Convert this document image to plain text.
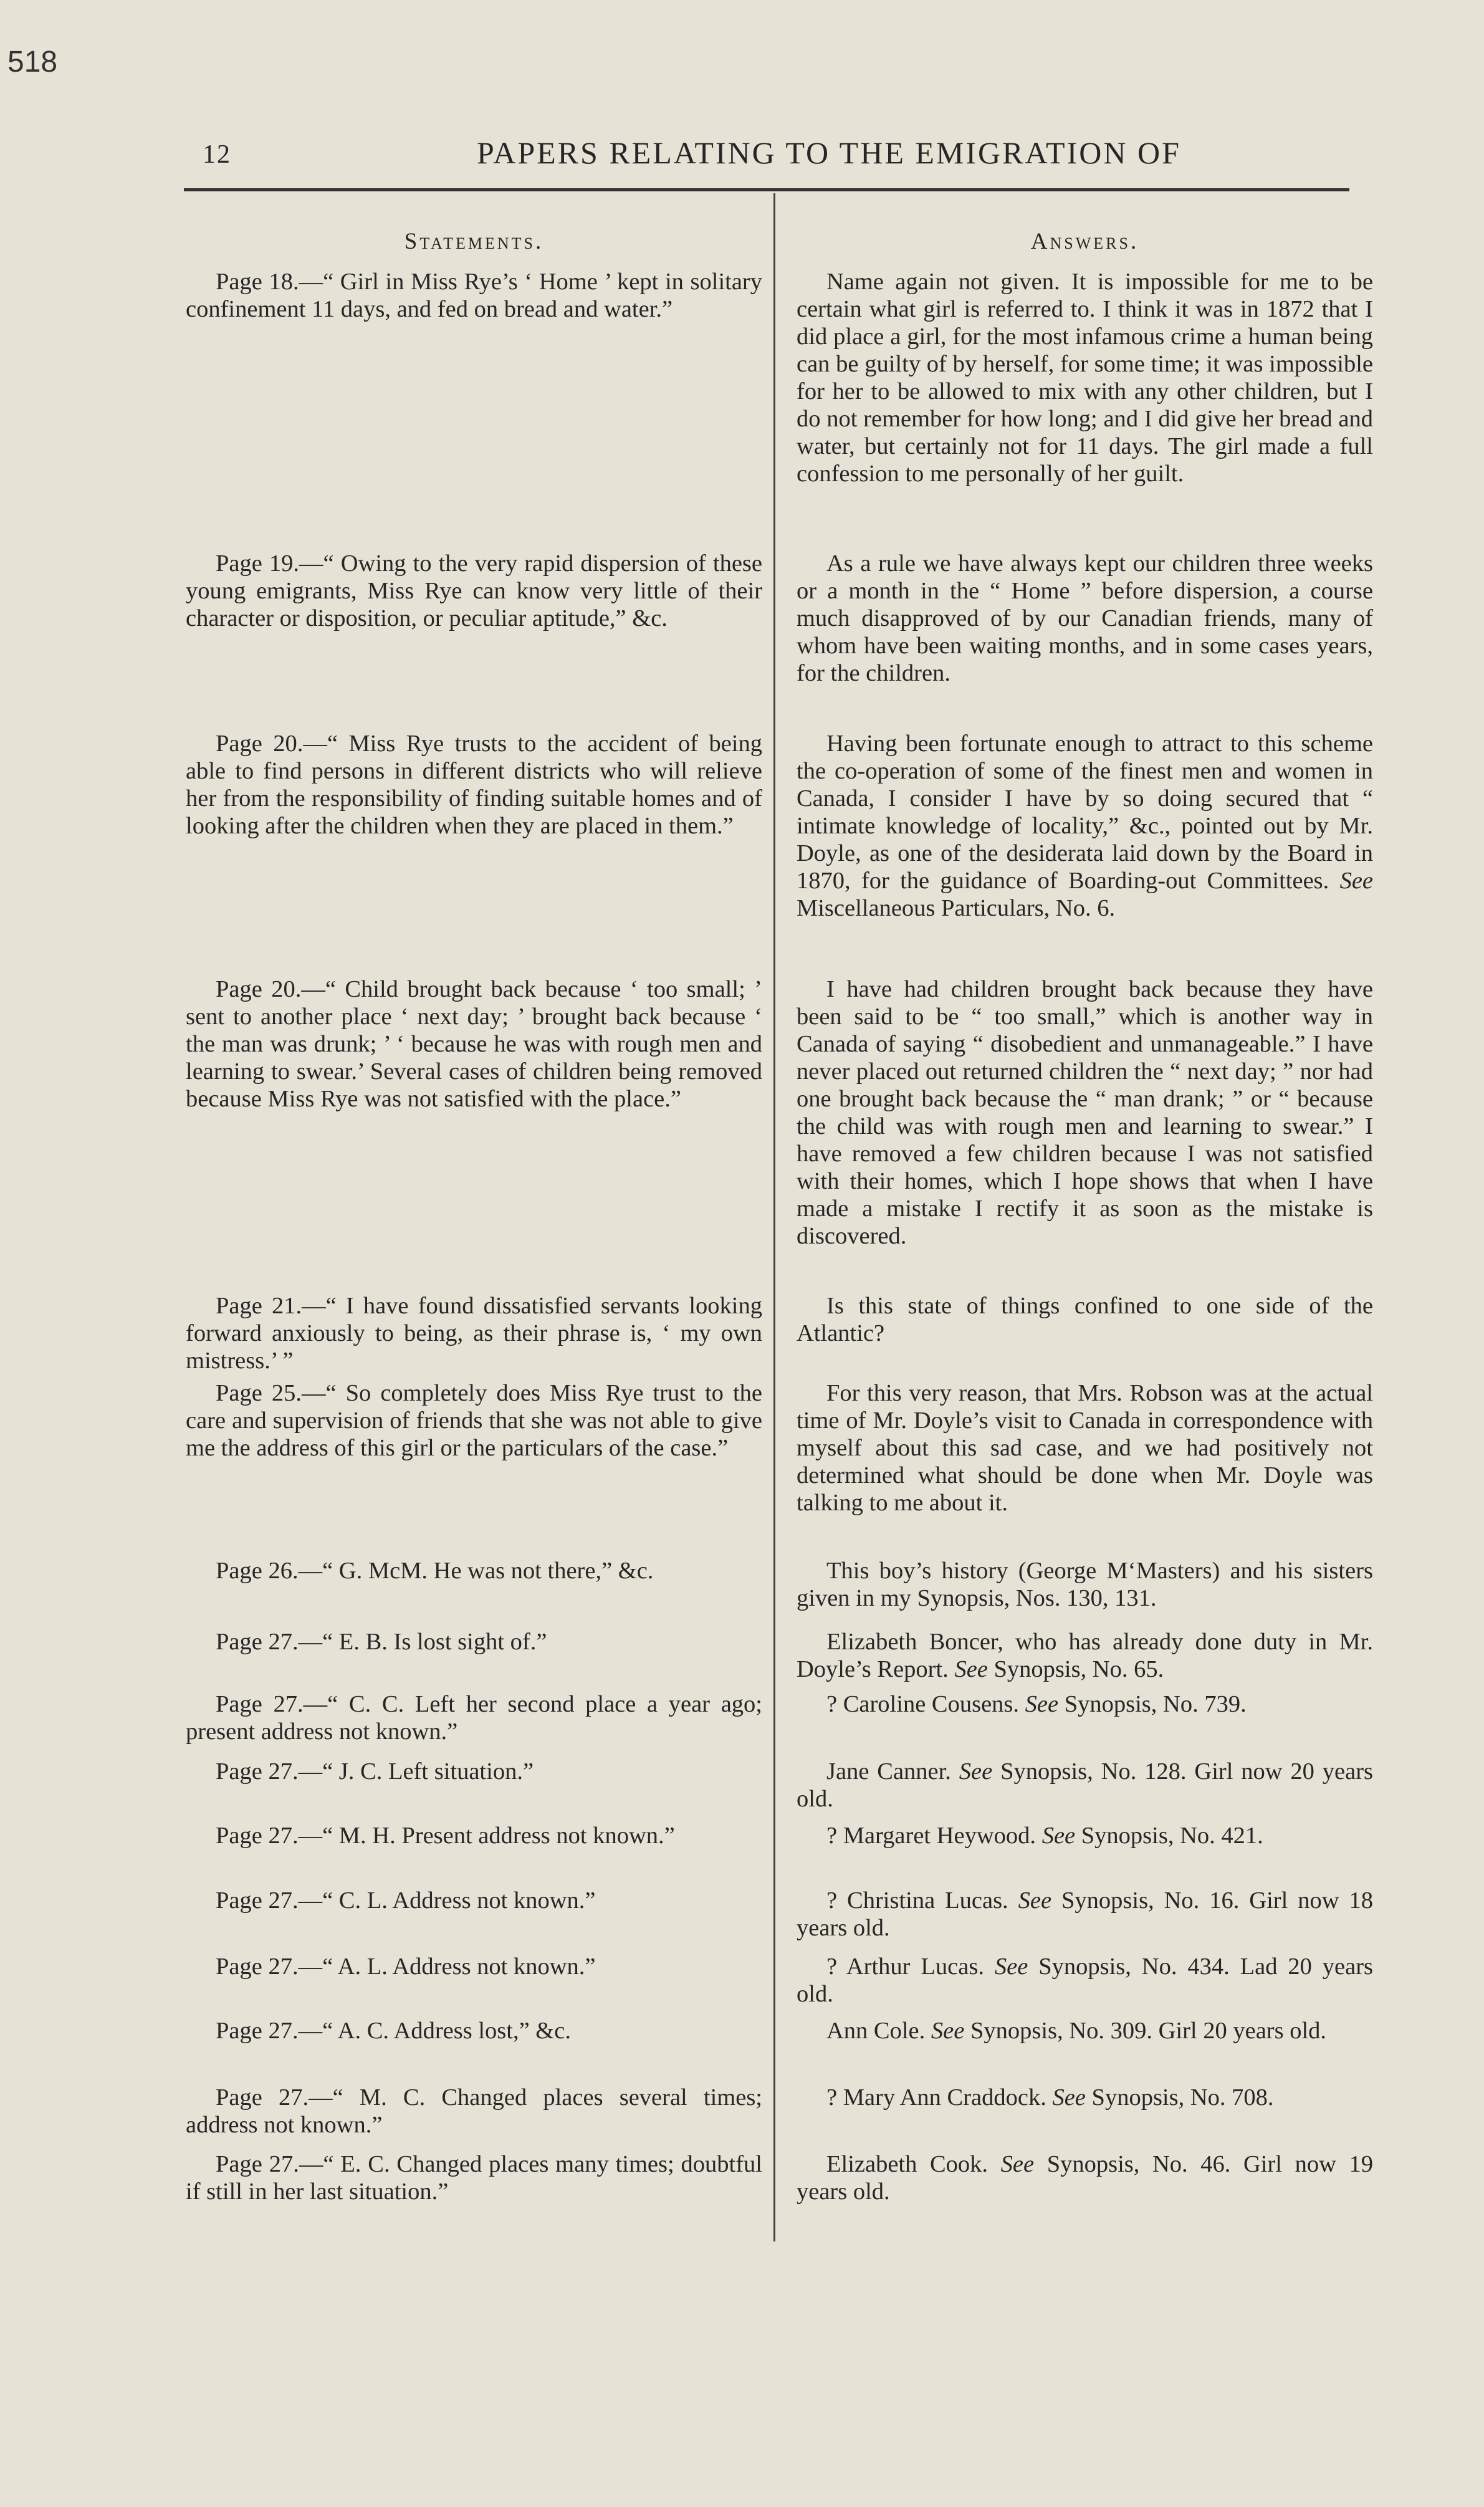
518
12	PAPERS RELATING TO THE EMIGRATION OF
Statements.

Page 18.—“ Girl in Miss Rye’s ‘ Home ’ kept in solitary confinement 11 days, and fed on bread and water.”

Page 19.—“ Owing to the very rapid dispersion of these young emigrants, Miss Rye can know very little of their character or disposition, or peculiar aptitude,” &c.

Page 20.—“ Miss Rye trusts to the accident of being able to find persons in different districts who will relieve her from the responsibility of finding suitable homes and of looking after the children when they are placed in them.”

Page 20.—“ Child brought back because ‘ too small; ’ sent to another place ‘ next day; ’ brought back because ‘ the man was drunk; ’ ‘ because he was with rough men and learning to swear.’ Several cases of children being removed because Miss Rye was not satisfied with the place.”

Page 21.—“ I have found dissatisfied servants looking forward anxiously to being, as their phrase is, ‘ my own mistress.’ ”

Page 25.—“ So completely does Miss Rye trust to the care and supervision of friends that she was not able to give me the address of this girl or the particulars of the case.”

Page 26.—“ G. McM. He was not there,” &c.

Page 27.—“ E. B. Is lost sight of.”

Page 27.—“ C. C. Left her second place a year ago; present address not known.”

Page 27.—“ J. C. Left situation.”

Page 27.—“ M. H. Present address not known.”

Page 27.—“ C. L. Address not known.”

Page 27.—“ A. L. Address not known.”

Page 27.—“ A. C. Address lost,” &c.

Page 27.—“ M. C. Changed places several times; address not known.”

Page 27.—“ E. C. Changed places many times; doubtful if still in her last situation.”

Answers.

Name again not given. It is impossible for me to be certain what girl is referred to. I think it was in 1872 that I did place a girl, for the most infamous crime a human being can be guilty of by herself, for some time; it was impossible for her to be allowed to mix with any other children, but I do not remember for how long; and I did give her bread and water, but certainly not for 11 days. The girl made a full confession to me personally of her guilt.

As a rule we have always kept our children three weeks or a month in the “ Home ” before dispersion, a course much disapproved of by our Canadian friends, many of whom have been waiting months, and in some cases years, for the children.

Having been fortunate enough to attract to this scheme the co-operation of some of the finest men and women in Canada, I consider I have by so doing secured that “ intimate knowledge of locality,” &c., pointed out by Mr. Doyle, as one of the desiderata laid down by the Board in 1870, for the guidance of Boarding-out Committees. See Miscellaneous Particulars, No. 6.

I have had children brought back because they have been said to be “ too small,” which is another way in Canada of saying “ disobedient and unmanageable.” I have never placed out returned children the “ next day; ” nor had one brought back because the “ man drank; ” or “ because the child was with rough men and learning to swear.” I have removed a few children because I was not satisfied with their homes, which I hope shows that when I have made a mistake I rectify it as soon as the mistake is discovered.

Is this state of things confined to one side of the Atlantic?

For this very reason, that Mrs. Robson was at the actual time of Mr. Doyle’s visit to Canada in correspondence with myself about this sad case, and we had positively not determined what should be done when Mr. Doyle was talking to me about it.

This boy’s history (George M‘Masters) and his sisters given in my Synopsis, Nos. 130, 131.

Elizabeth Boncer, who has already done duty in Mr. Doyle’s Report. See Synopsis, No. 65.

? Caroline Cousens. See Synopsis, No. 739.

Jane Canner. See Synopsis, No. 128. Girl now 20 years old.

? Margaret Heywood. See Synopsis, No. 421.

? Christina Lucas. See Synopsis, No. 16. Girl now 18 years old.

? Arthur Lucas. See Synopsis, No. 434. Lad 20 years old.

Ann Cole. See Synopsis, No. 309. Girl 20 years old.

? Mary Ann Craddock. See Synopsis, No. 708.

Elizabeth Cook. See Synopsis, No. 46. Girl now 19 years old.
